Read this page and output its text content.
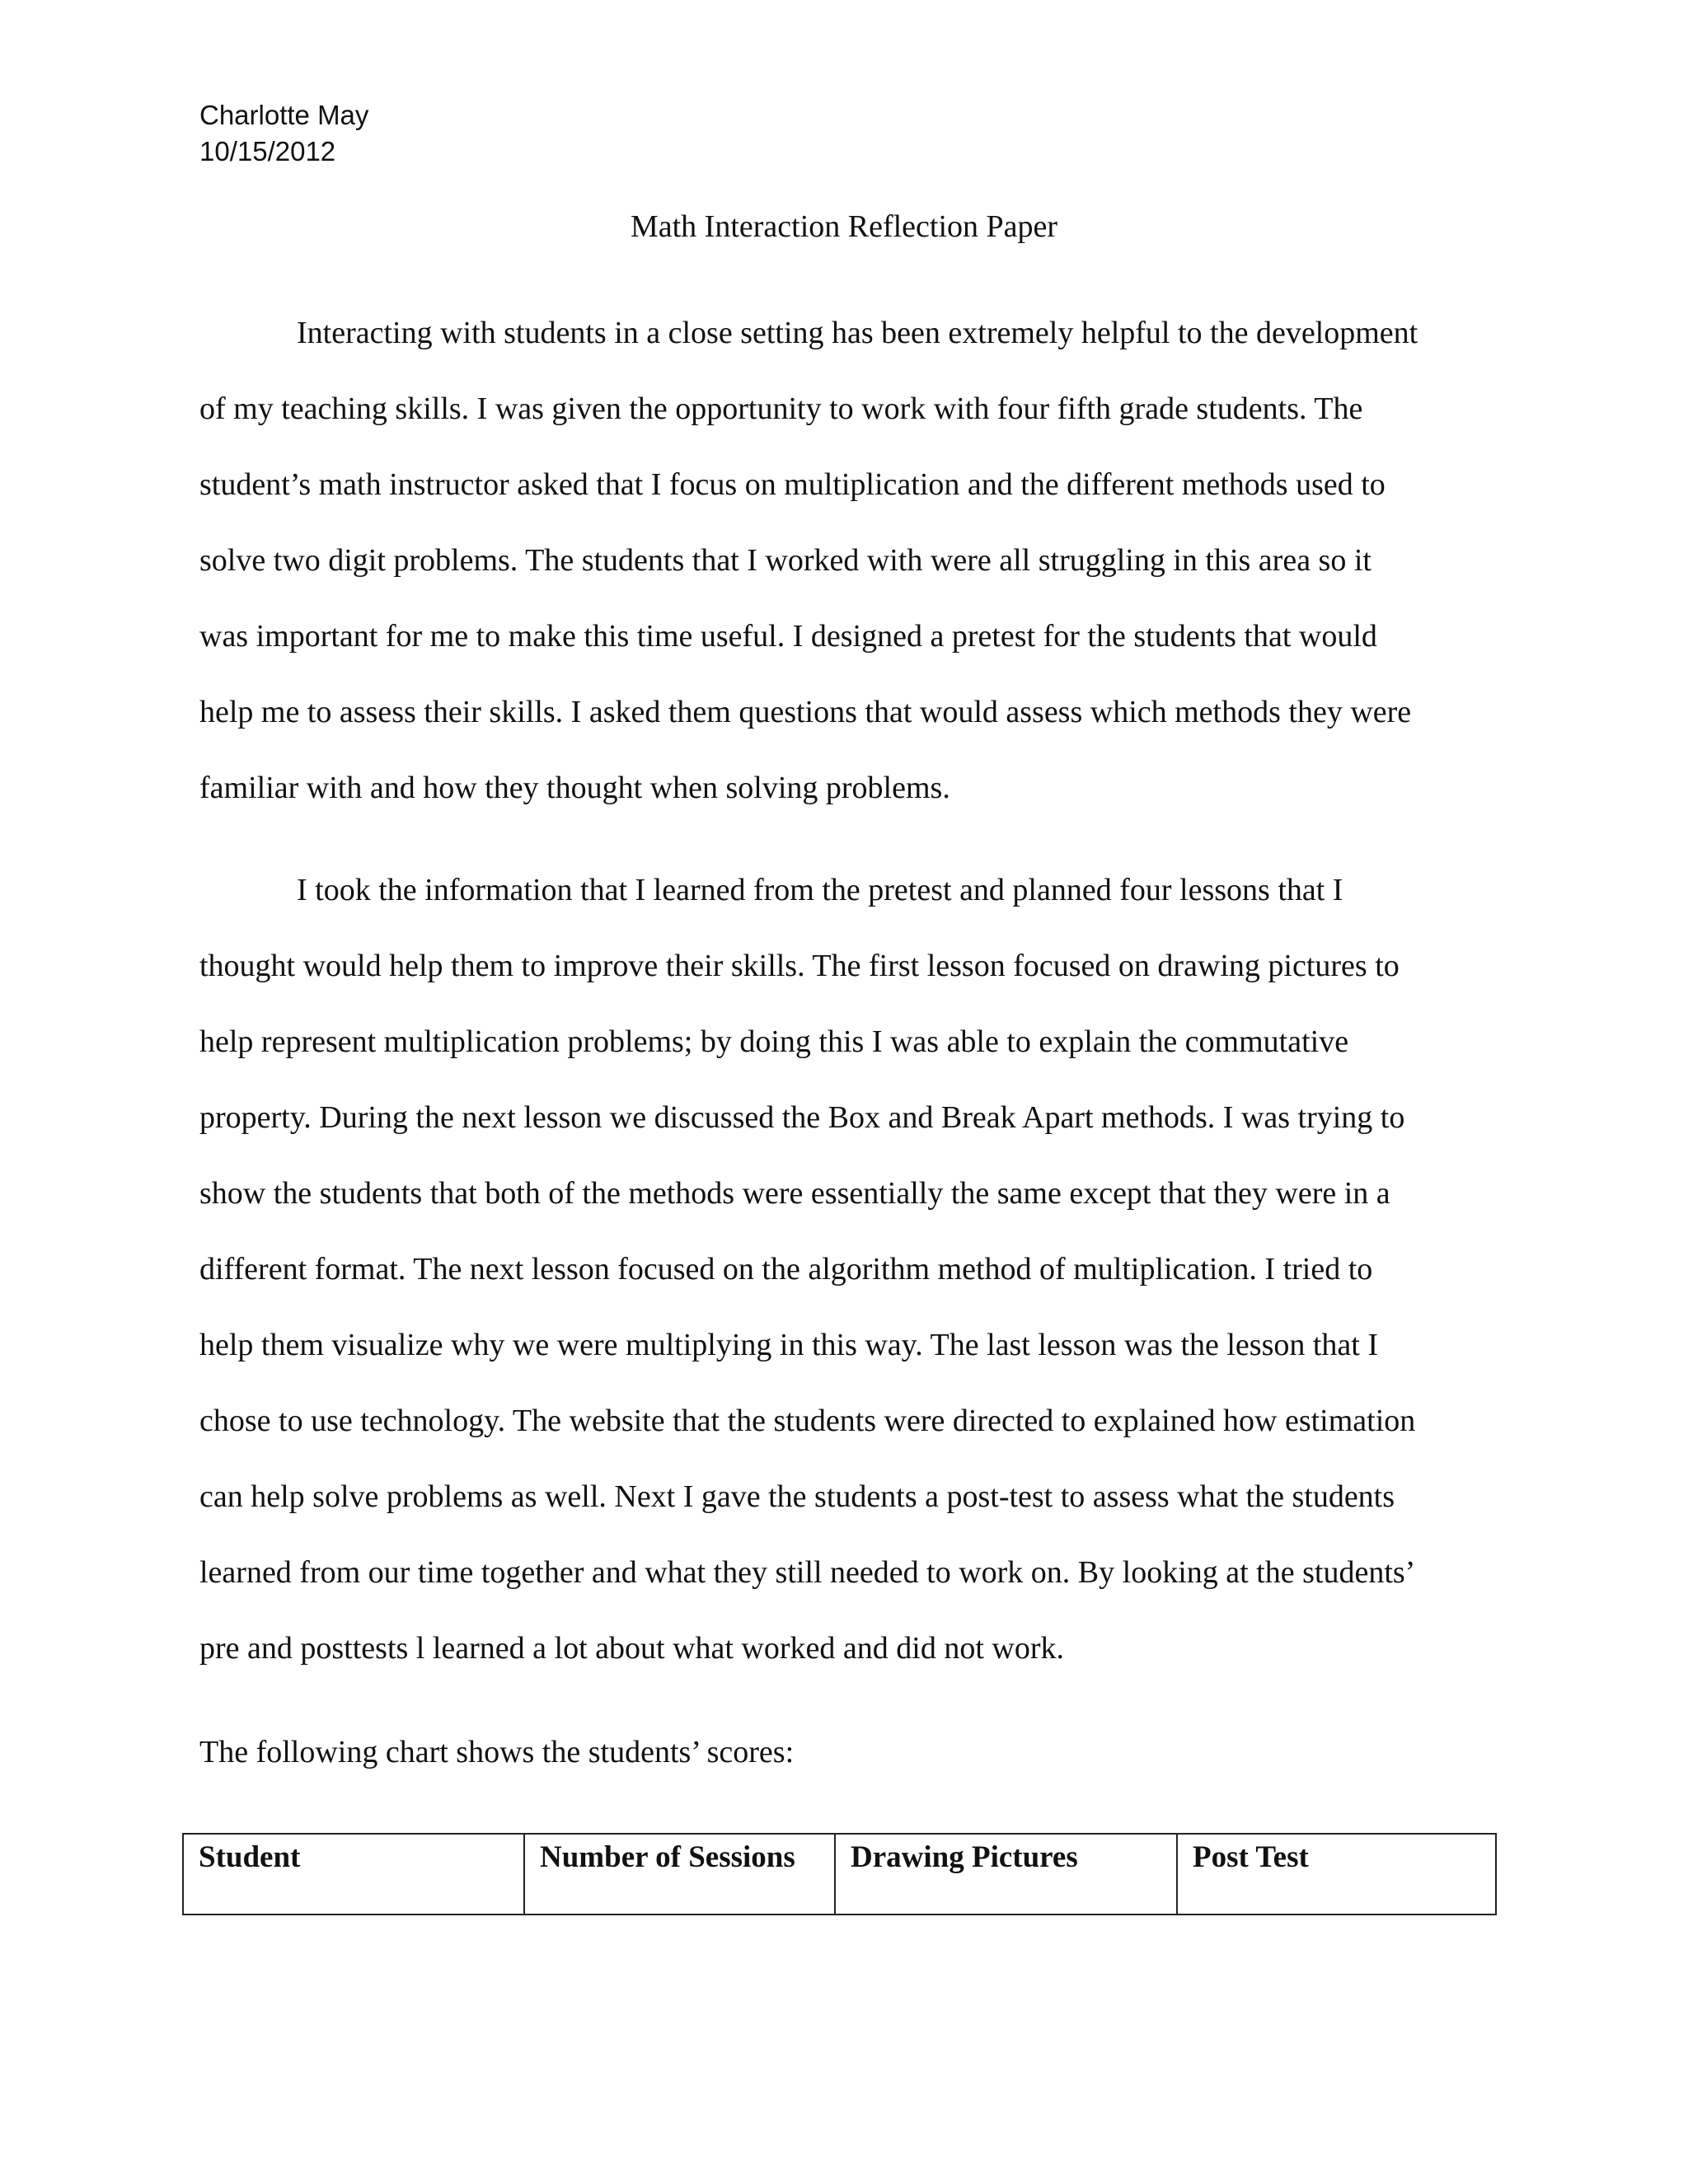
Charlotte May
10/15/2012
Math Interaction Reflection Paper
Interacting with students in a close setting has been extremely helpful to the development
of my teaching skills. I was given the opportunity to work with four fifth grade students. The
student’s math instructor asked that I focus on multiplication and the different methods used to
solve two digit problems. The students that I worked with were all struggling in this area so it
was important for me to make this time useful. I designed a pretest for the students that would
help me to assess their skills. I asked them questions that would assess which methods they were
familiar with and how they thought when solving problems.
I took the information that I learned from the pretest and planned four lessons that I
thought would help them to improve their skills. The first lesson focused on drawing pictures to
help represent multiplication problems; by doing this I was able to explain the commutative
property. During the next lesson we discussed the Box and Break Apart methods. I was trying to
show the students that both of the methods were essentially the same except that they were in a
different format. The next lesson focused on the algorithm method of multiplication. I tried to
help them visualize why we were multiplying in this way. The last lesson was the lesson that I
chose to use technology. The website that the students were directed to explained how estimation
can help solve problems as well. Next I gave the students a post-test to assess what the students
learned from our time together and what they still needed to work on. By looking at the students’
pre and posttests l learned a lot about what worked and did not work.
The following chart shows the students’ scores:
Student	Number of Sessions	Drawing Pictures	Post Test
